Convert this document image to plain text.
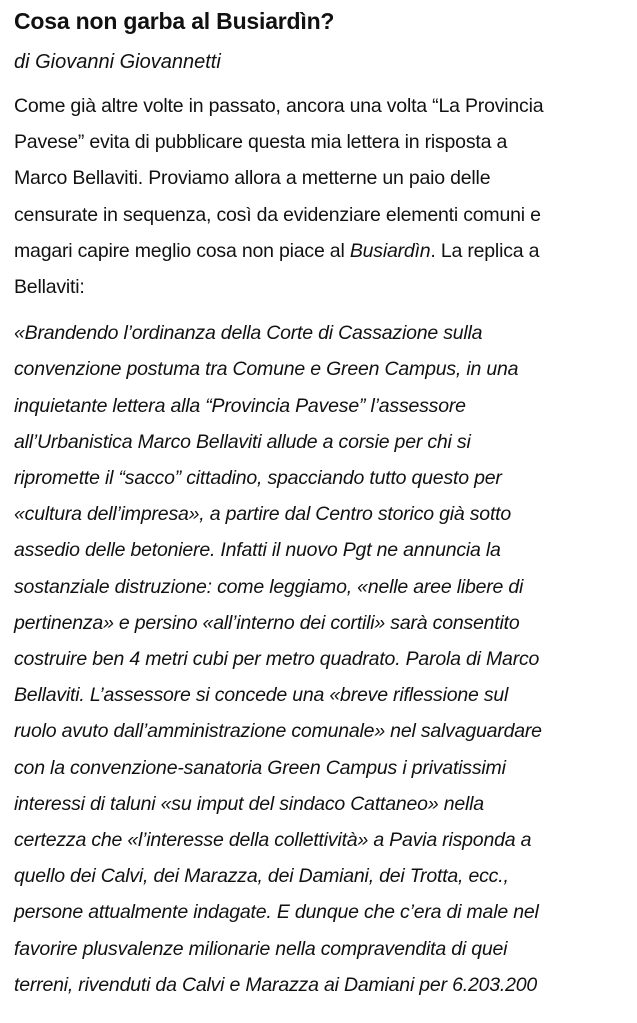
Cosa non garba al Busiardìn?

di Giovanni Giovannetti

Come già altre volte in passato, ancora una volta “La Provincia
Pavese” evita di pubblicare questa mia lettera in risposta a
Marco Bellaviti. Proviamo allora a metterne un paio delle
censurate in sequenza, così da evidenziare elementi comuni e
magari capire meglio cosa non piace al Busiardìn. La replica a
Bellaviti:

«Brandendo l’ordinanza della Corte di Cassazione sulla
convenzione postuma tra Comune e Green Campus, in una
inquietante lettera alla “Provincia Pavese” l’assessore
all’Urbanistica Marco Bellaviti allude a corsie per chi si
ripromette il “sacco” cittadino, spacciando tutto questo per
«cultura dell’impresa», a partire dal Centro storico già sotto
assedio delle betoniere. Infatti il nuovo Pgt ne annuncia la
sostanziale distruzione: come leggiamo, «nelle aree libere di
pertinenza» e persino «all’interno dei cortili» sarà consentito
costruire ben 4 metri cubi per metro quadrato. Parola di Marco
Bellaviti. L’assessore si concede una «breve riflessione sul
ruolo avuto dall’amministrazione comunale» nel salvaguardare
con la convenzione-sanatoria Green Campus i privatissimi
interessi di taluni «su imput del sindaco Cattaneo» nella
certezza che «l’interesse della collettività» a Pavia risponda a
quello dei Calvi, dei Marazza, dei Damiani, dei Trotta, ecc.,
persone attualmente indagate. E dunque che c’era di male nel
favorire plusvalenze milionarie nella compravendita di quei
terreni, rivenduti da Calvi e Marazza ai Damiani per 6.203.200
